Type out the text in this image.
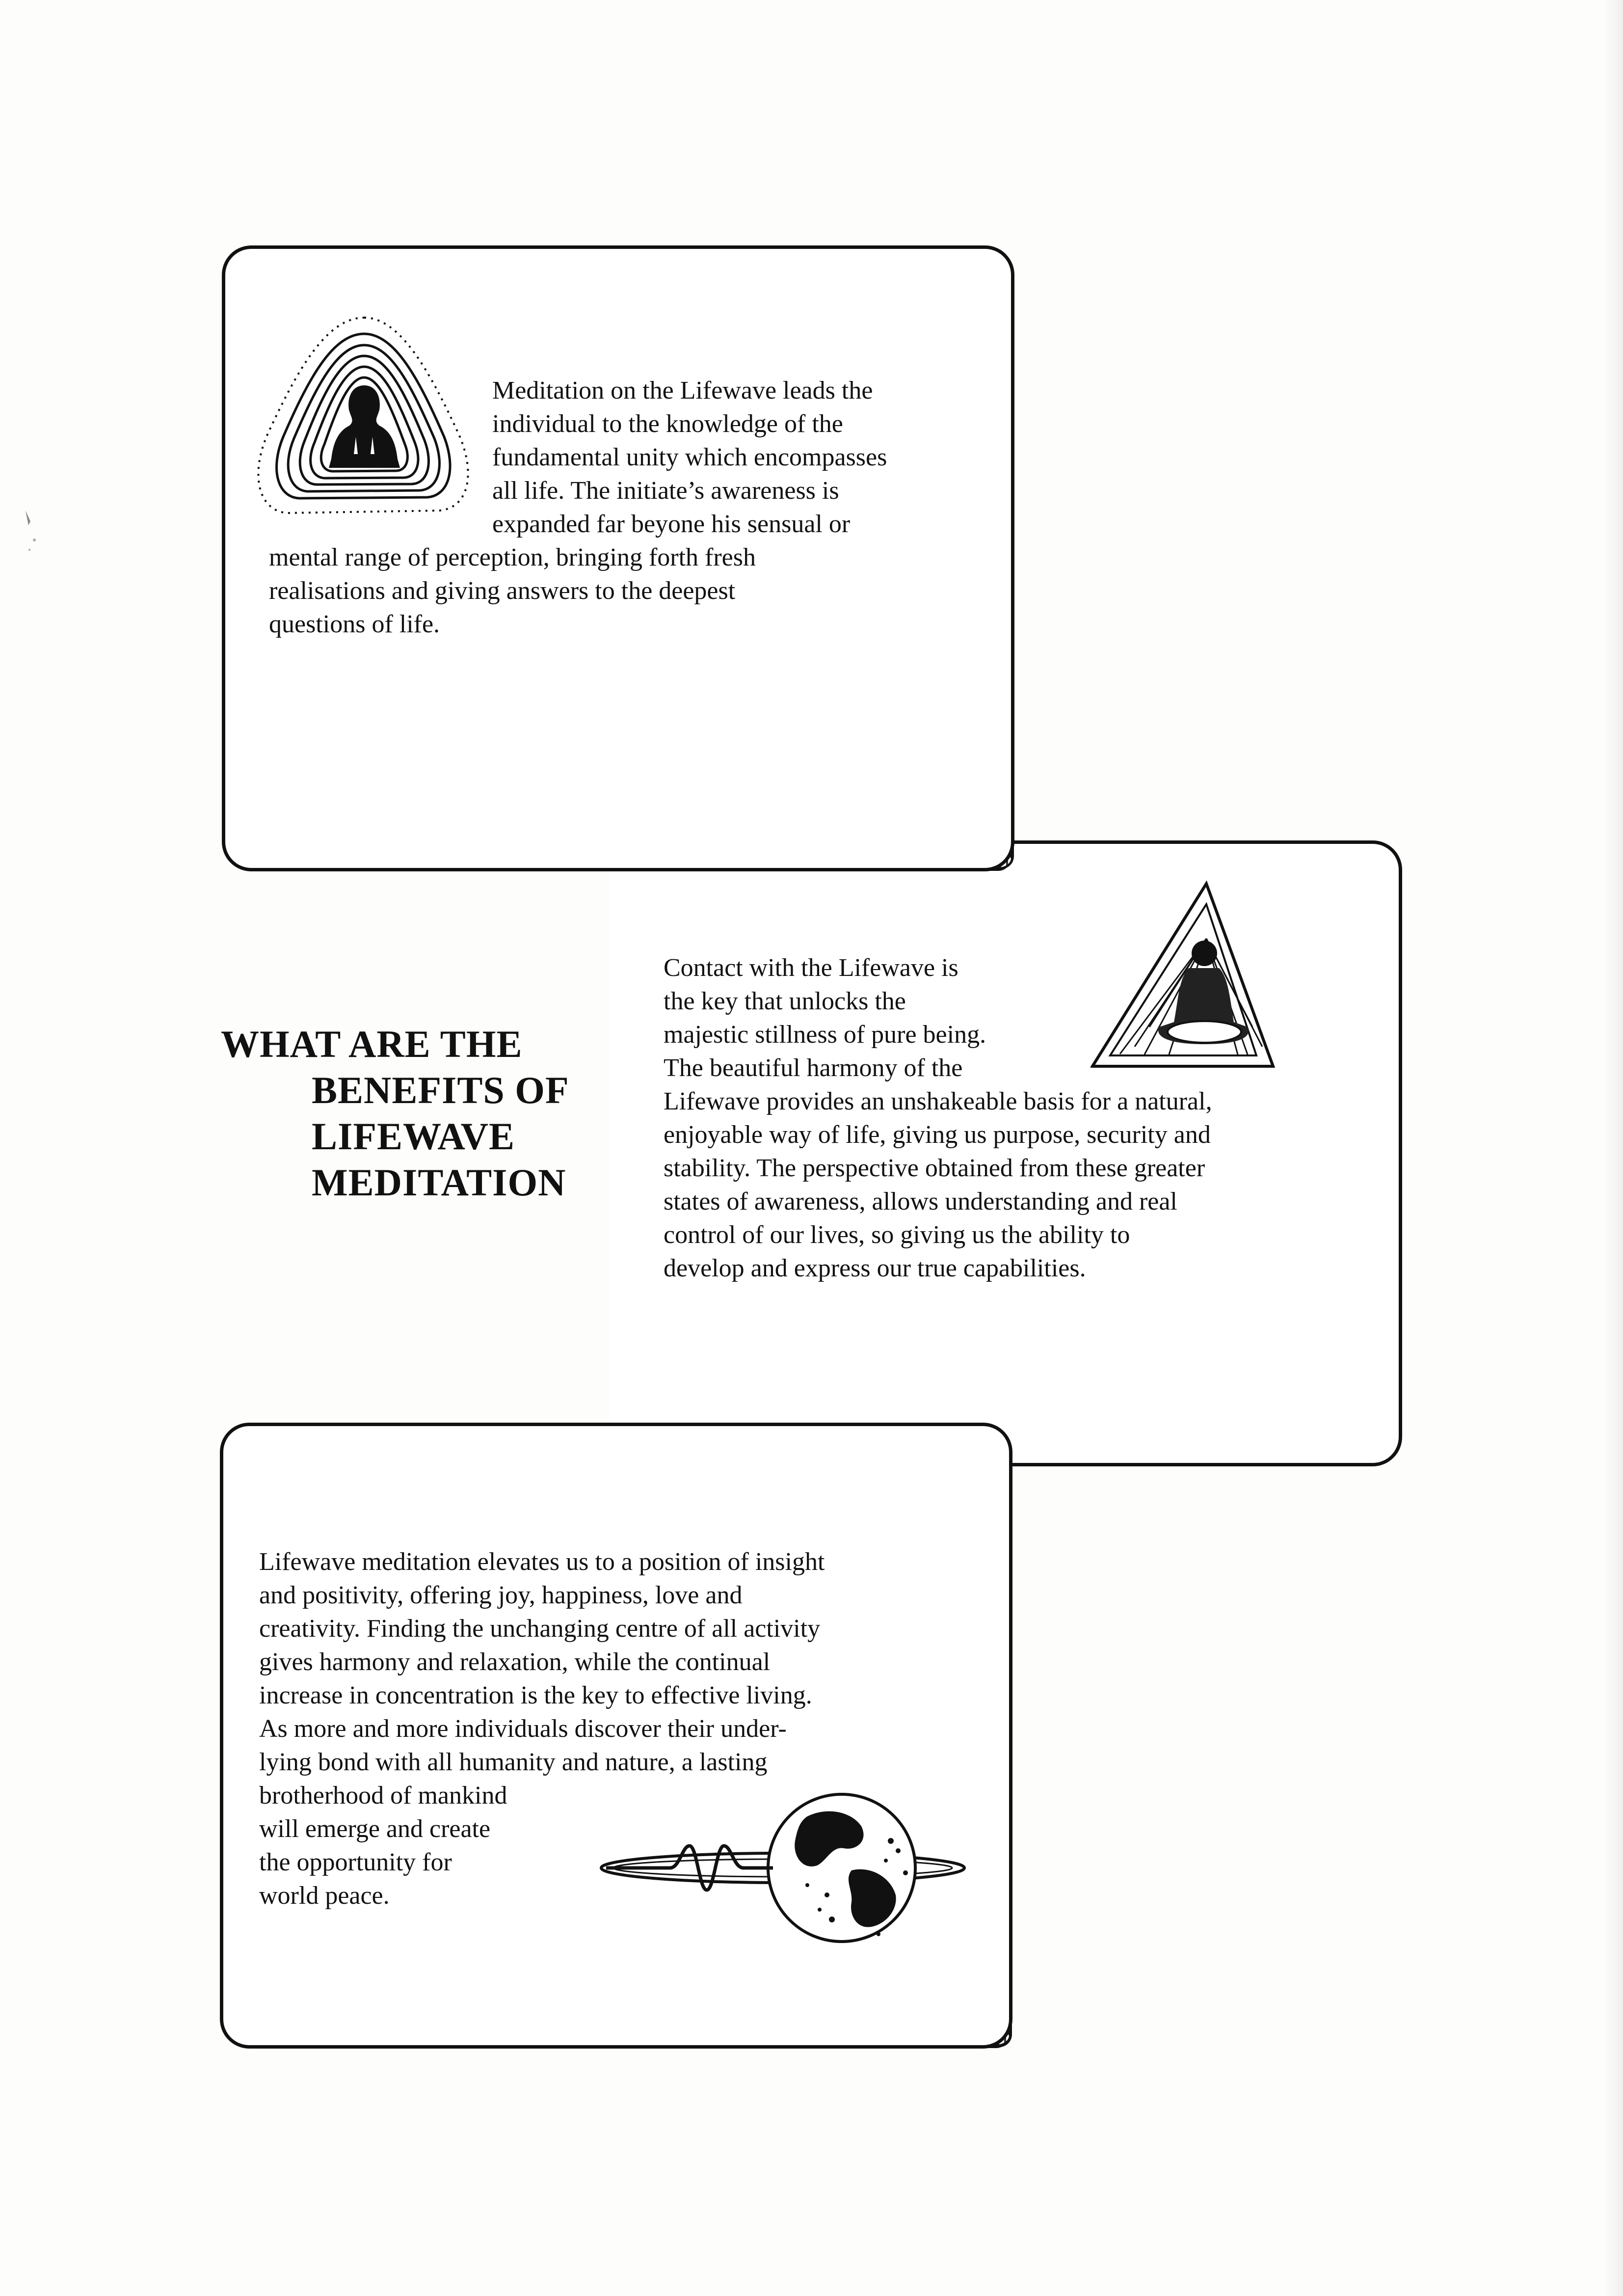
WHAT ARE THE
BENEFITS OF
LIFEWAVE
MEDITATION

Meditation on the Lifewave leads the
individual to the knowledge of the
fundamental unity which encompasses
all life. The initiate’s awareness is
expanded far beyone his sensual or
mental range of perception, bringing forth fresh
realisations and giving answers to the deepest
questions of life.

Contact with the Lifewave is
the key that unlocks the
majestic stillness of pure being.
The beautiful harmony of the
Lifewave provides an unshakeable basis for a natural,
enjoyable way of life, giving us purpose, security and
stability. The perspective obtained from these greater
states of awareness, allows understanding and real
control of our lives, so giving us the ability to
develop and express our true capabilities.

Lifewave meditation elevates us to a position of insight
and positivity, offering joy, happiness, love and
creativity. Finding the unchanging centre of all activity
gives harmony and relaxation, while the continual
increase in concentration is the key to effective living.
As more and more individuals discover their under-
lying bond with all humanity and nature, a lasting
brotherhood of mankind
will emerge and create
the opportunity for
world peace.
